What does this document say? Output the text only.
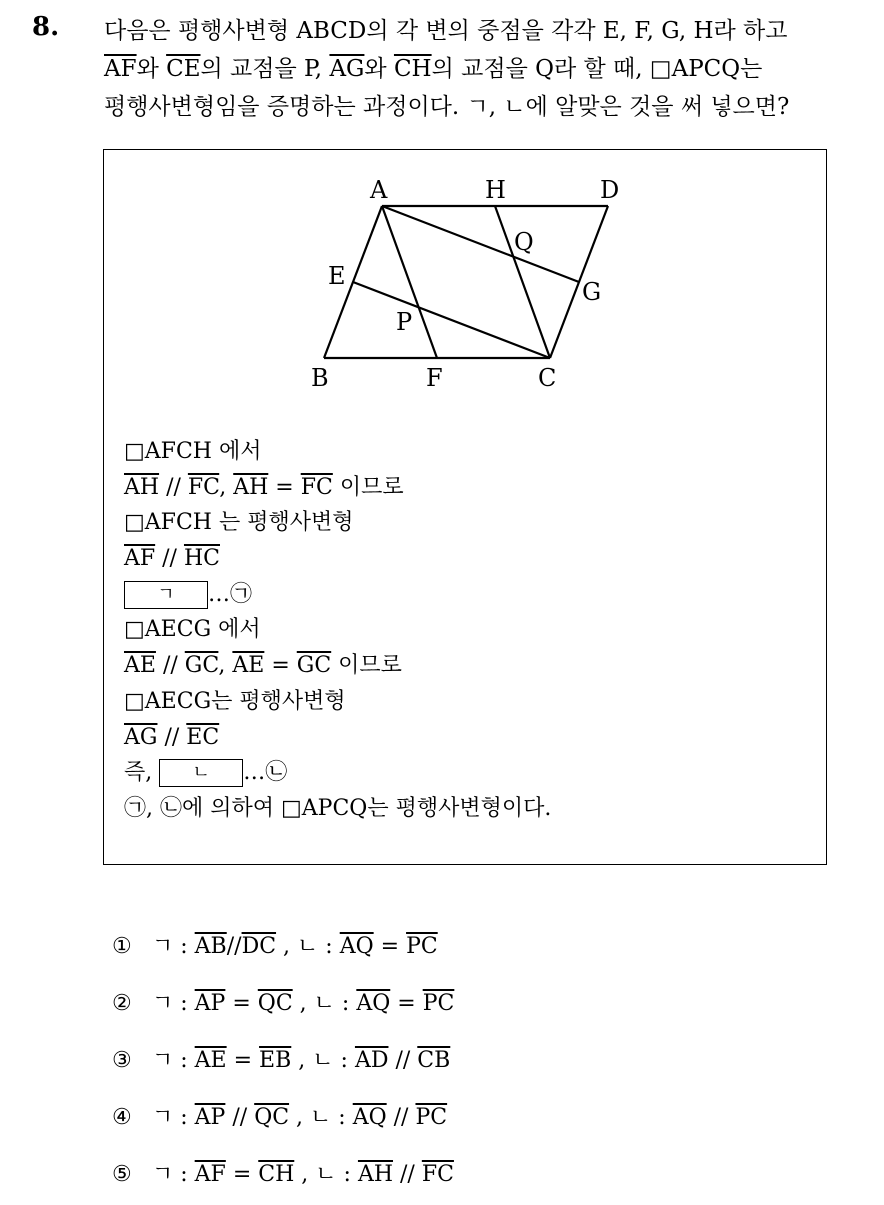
8. 다음은 평행사변형 ABCD의 각 변의 중점을 각각 E, F, G, H라 하고

$\overline{AF}$와 $\overline{CE}$의 교점을 P, $\overline{AG}$와 $\overline{CH}$의 교점을 Q라 할 때, □APCQ는

평행사변형임을 증명하는 과정이다. ㄱ, ㄴ에 알맞은 것을 써 넣으면?

A	H	D
E
Q
G
P
B	F	C
□AFCH 에서
$\overline{AH} // \overline{FC}$, $\overline{AH} = \overline{FC}$ 이므로
□AFCH 는 평행사변형
$\overline{AF} // \overline{HC}$
ㄱ …㉠
□AECG 에서
$\overline{AE} // \overline{GC}$, $\overline{AE} = \overline{GC}$ 이므로
□AECG는 평행사변형
$\overline{AG} // \overline{EC}$
즉, ㄴ …㉡
㉠, ㉡에 의하여 □APCQ는 평행사변형이다.
① ㄱ : $\overline{AB}//\overline{DC}$ , ㄴ : $\overline{AQ} = \overline{PC}$
② ㄱ : $\overline{AP} = \overline{QC}$ , ㄴ : $\overline{AQ} = \overline{PC}$
③ ㄱ : $\overline{AE} = \overline{EB}$ , ㄴ : $\overline{AD} // \overline{CB}$
④ ㄱ : $\overline{AP} // \overline{QC}$ , ㄴ : $\overline{AQ} // \overline{PC}$
⑤ ㄱ : $\overline{AF} = \overline{CH}$ , ㄴ : $\overline{AH} // \overline{FC}$
